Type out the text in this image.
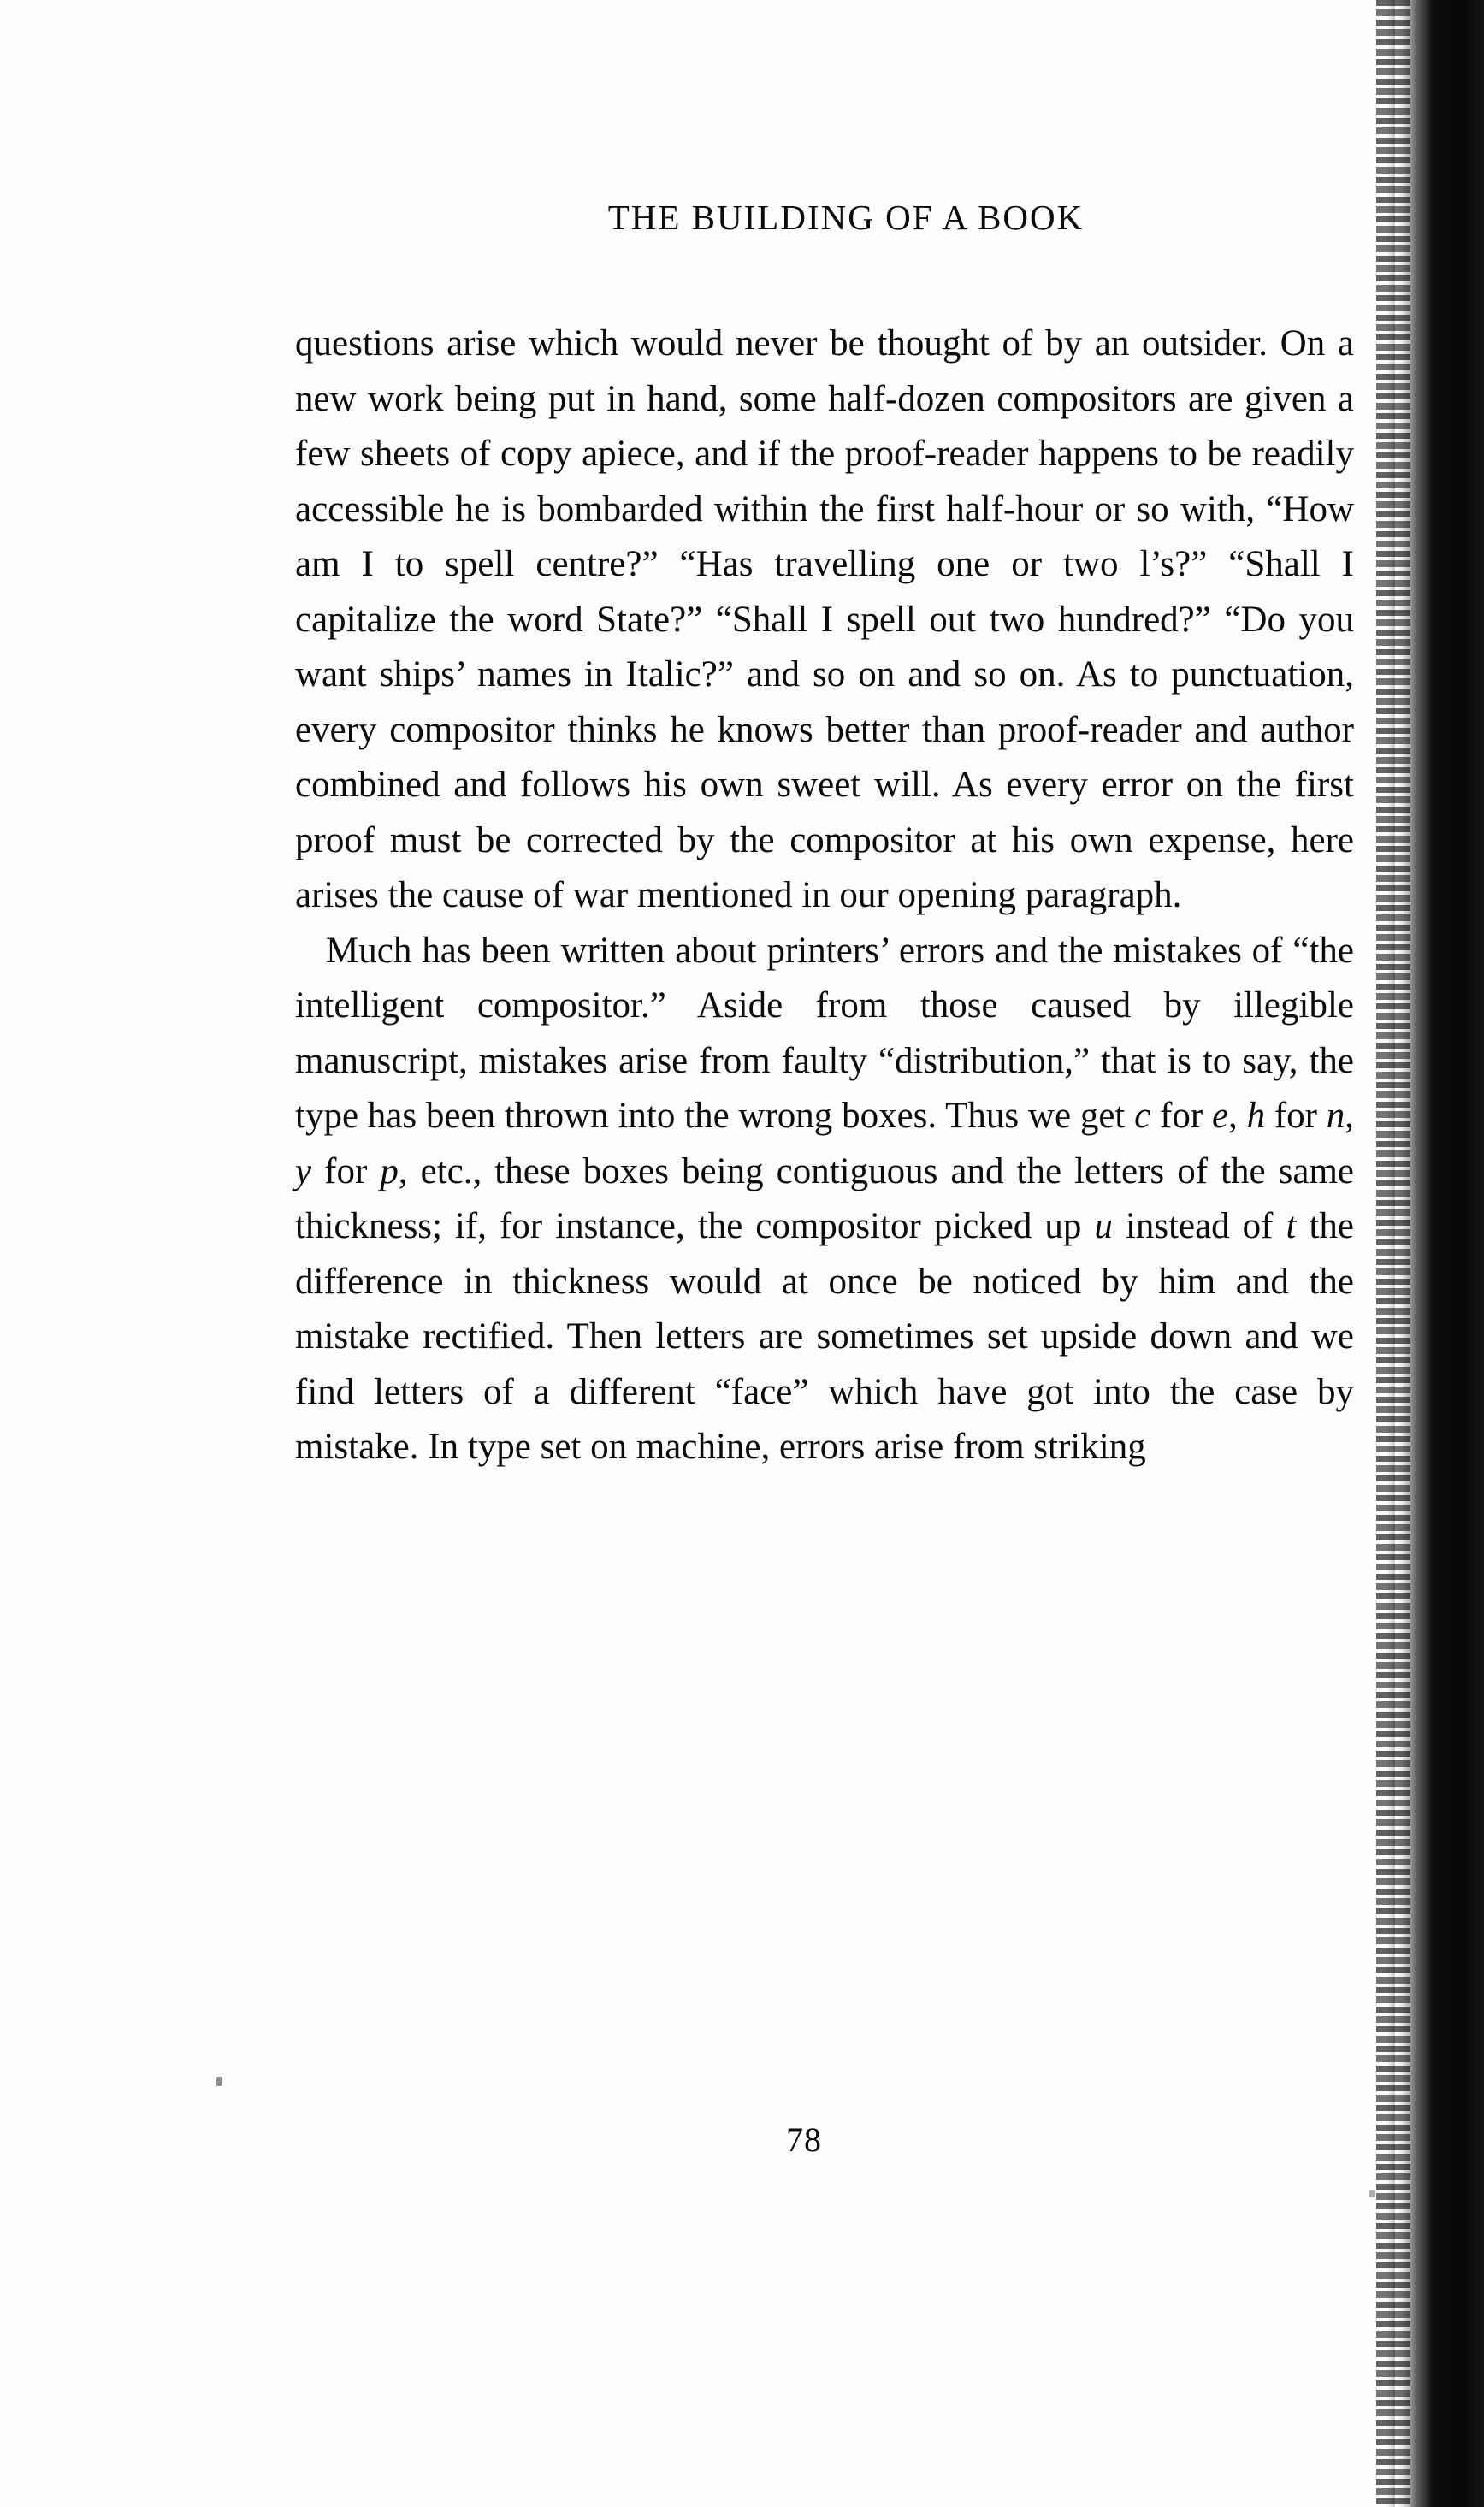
THE BUILDING OF A BOOK

questions arise which would never be thought of by an outsider. On a new work being put in hand, some half-dozen compositors are given a few sheets of copy apiece, and if the proof-reader happens to be readily accessible he is bombarded within the first half-hour or so with, “How am I to spell centre?” “Has travelling one or two l’s?” “Shall I capitalize the word State?” “Shall I spell out two hundred?” “Do you want ships’ names in Italic?” and so on and so on. As to punctuation, every compositor thinks he knows better than proof-reader and author combined and follows his own sweet will. As every error on the first proof must be corrected by the compositor at his own expense, here arises the cause of war mentioned in our opening paragraph.

Much has been written about printers’ errors and the mistakes of “the intelligent compositor.” Aside from those caused by illegible manuscript, mistakes arise from faulty “distribution,” that is to say, the type has been thrown into the wrong boxes. Thus we get c for e, h for n, y for p, etc., these boxes being contiguous and the letters of the same thickness; if, for instance, the compositor picked up u instead of t the difference in thickness would at once be noticed by him and the mistake rectified. Then letters are sometimes set upside down and we find letters of a different “face” which have got into the case by mistake. In type set on machine, errors arise from striking

78
